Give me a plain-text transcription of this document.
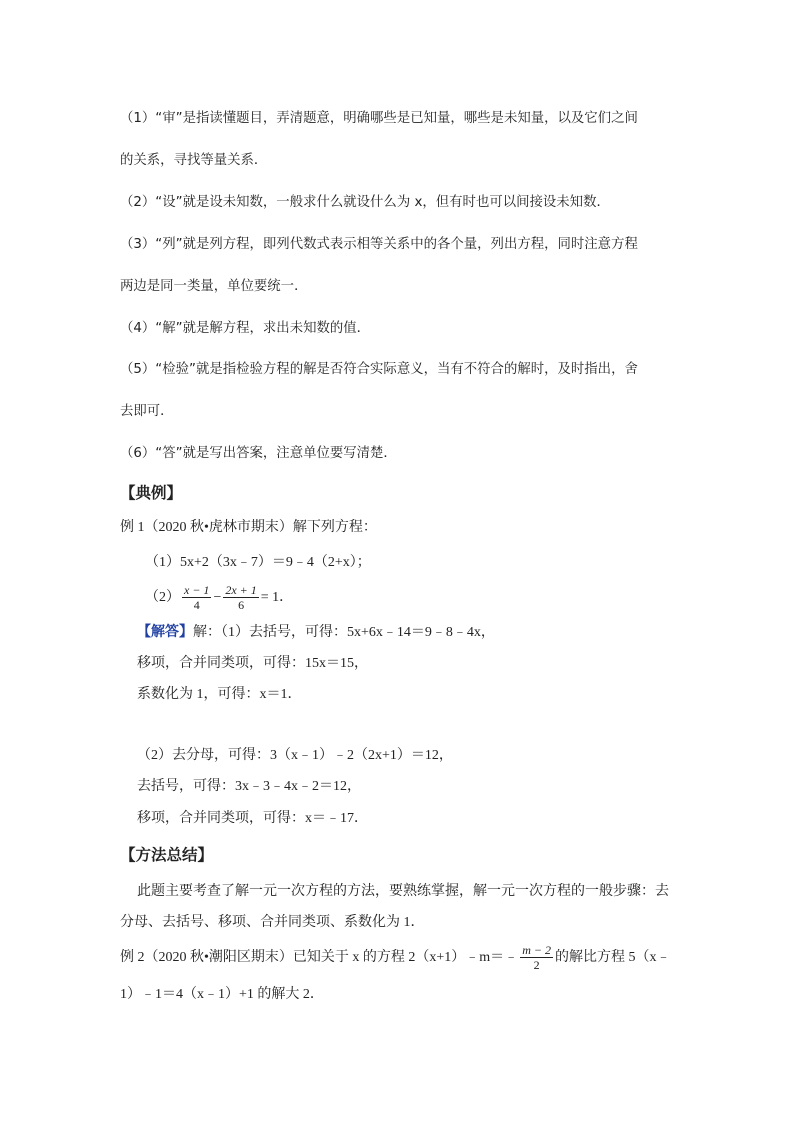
（1）“审”是指读懂题目，弄清题意，明确哪些是已知量，哪些是未知量，以及它们之间
的关系，寻找等量关系．
（2）“设”就是设未知数，一般求什么就设什么为 x，但有时也可以间接设未知数．
（3）“列”就是列方程，即列代数式表示相等关系中的各个量，列出方程，同时注意方程
两边是同一类量，单位要统一．
（4）“解”就是解方程，求出未知数的值．
（5）“检验”就是指检验方程的解是否符合实际意义，当有不符合的解时，及时指出，舍
去即可．
（6）“答”就是写出答案，注意单位要写清楚．
【典例】
例 1（2020 秋•虎林市期末）解下列方程：
（1）5x+2（3x﹣7）＝9﹣4（2+x）；
$(2) \frac{x - 1}{4} - \frac{2x + 1}{6} = 1$．
【解答】解：（1）去括号，可得：5x+6x﹣14＝9﹣8﹣4x，
移项，合并同类项，可得：15x＝15，
系数化为 1，可得：x＝1．
（2）去分母，可得：3（x﹣1）﹣2（2x+1）＝12，
去括号，可得：3x﹣3﹣4x﹣2＝12，
移项，合并同类项，可得：x＝﹣17．
【方法总结】
此题主要考查了解一元一次方程的方法，要熟练掌握，解一元一次方程的一般步骤：去
分母、去括号、移项、合并同类项、系数化为 1．
例 2（2020 秋•潮阳区期末）已知关于 x 的方程 2（x+1）﹣m＝﹣ $\frac{m - 2}{2}$ 的解比方程 5（x﹣
1）﹣1＝4（x﹣1）+1 的解大 2．
